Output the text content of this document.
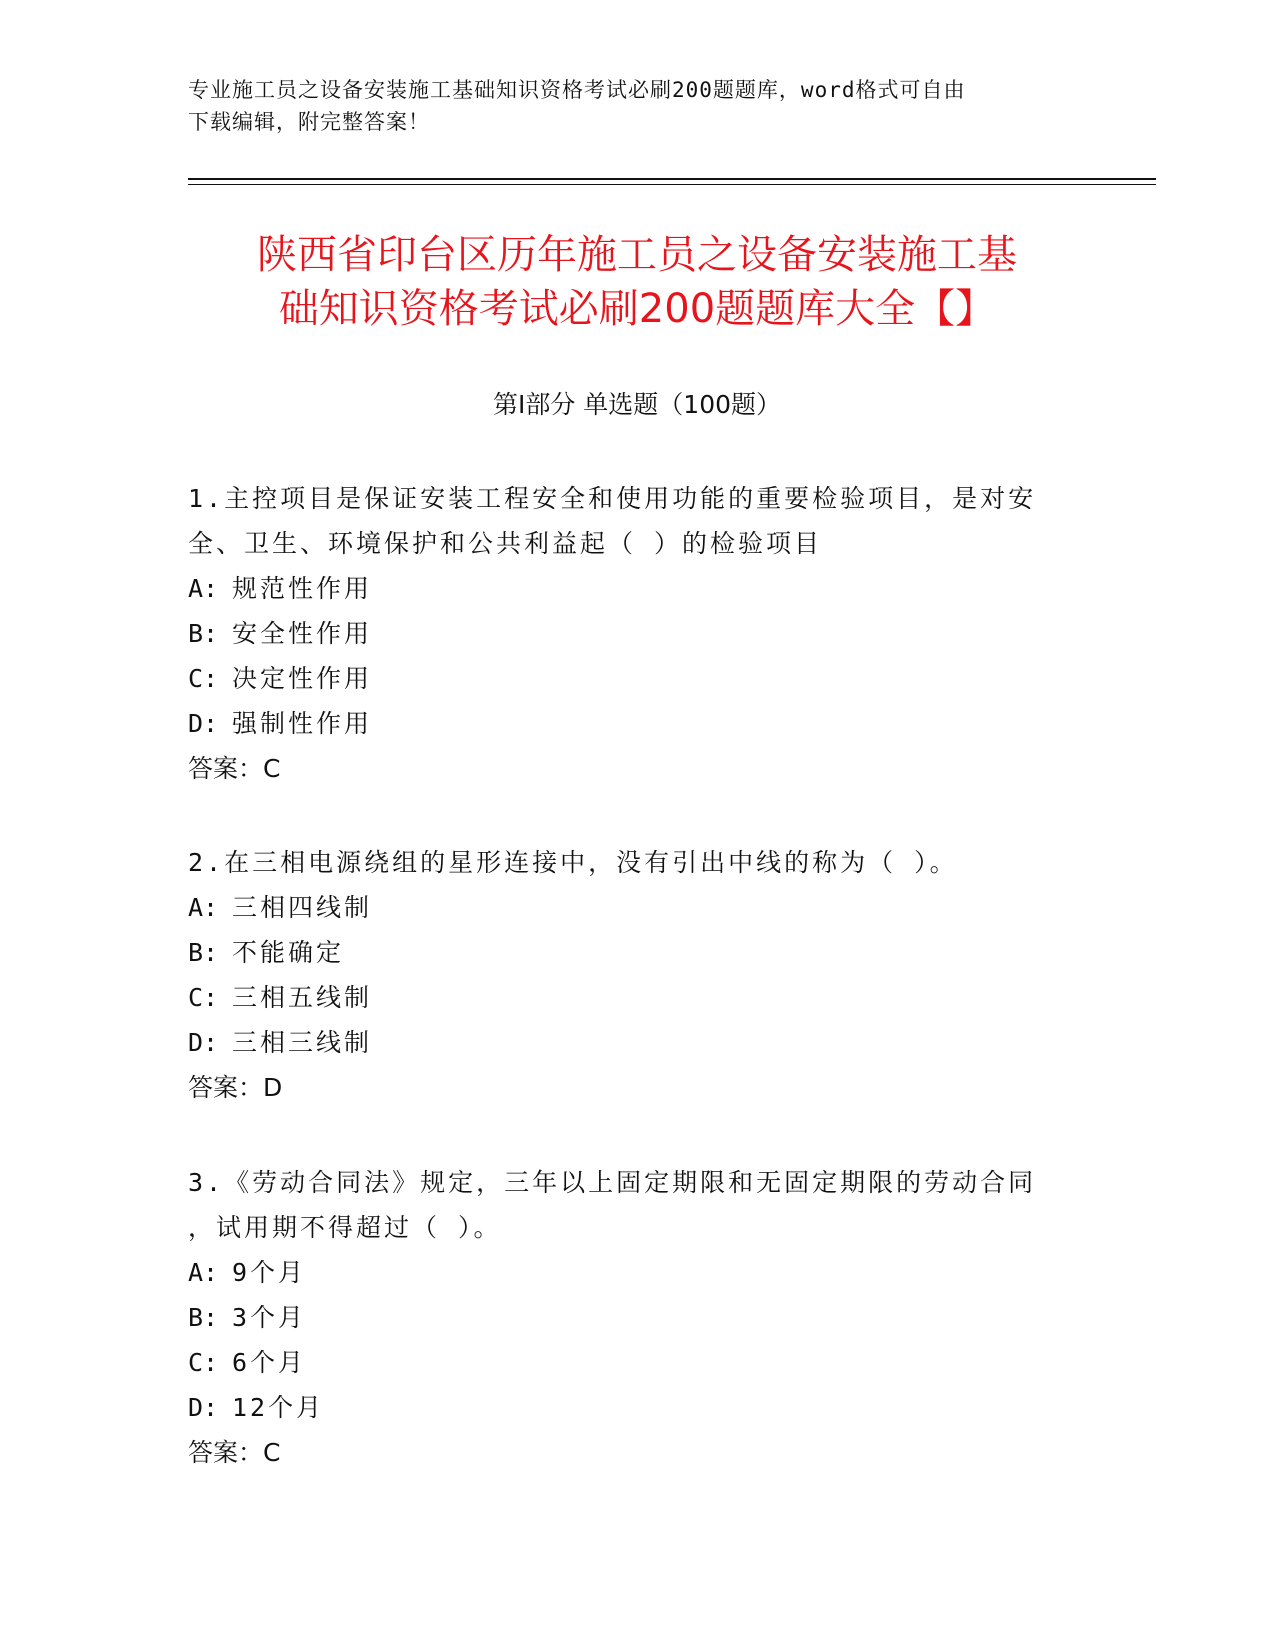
专业施工员之设备安装施工基础知识资格考试必刷200题题库，word格式可自由
下载编辑，附完整答案！
陕西省印台区历年施工员之设备安装施工基
础知识资格考试必刷200题题库大全【】
第Ⅰ部分 单选题（100题）
1.主控项目是保证安装工程安全和使用功能的重要检验项目，是对安
全、卫生、环境保护和公共利益起（ ）的检验项目
A: 规范性作用
B: 安全性作用
C: 决定性作用
D: 强制性作用
答案：C
2.在三相电源绕组的星形连接中，没有引出中线的称为（ ）。
A: 三相四线制
B: 不能确定
C: 三相五线制
D: 三相三线制
答案：D
3.《劳动合同法》规定，三年以上固定期限和无固定期限的劳动合同
，试用期不得超过（ ）。
A: 9个月
B: 3个月
C: 6个月
D: 12个月
答案：C
